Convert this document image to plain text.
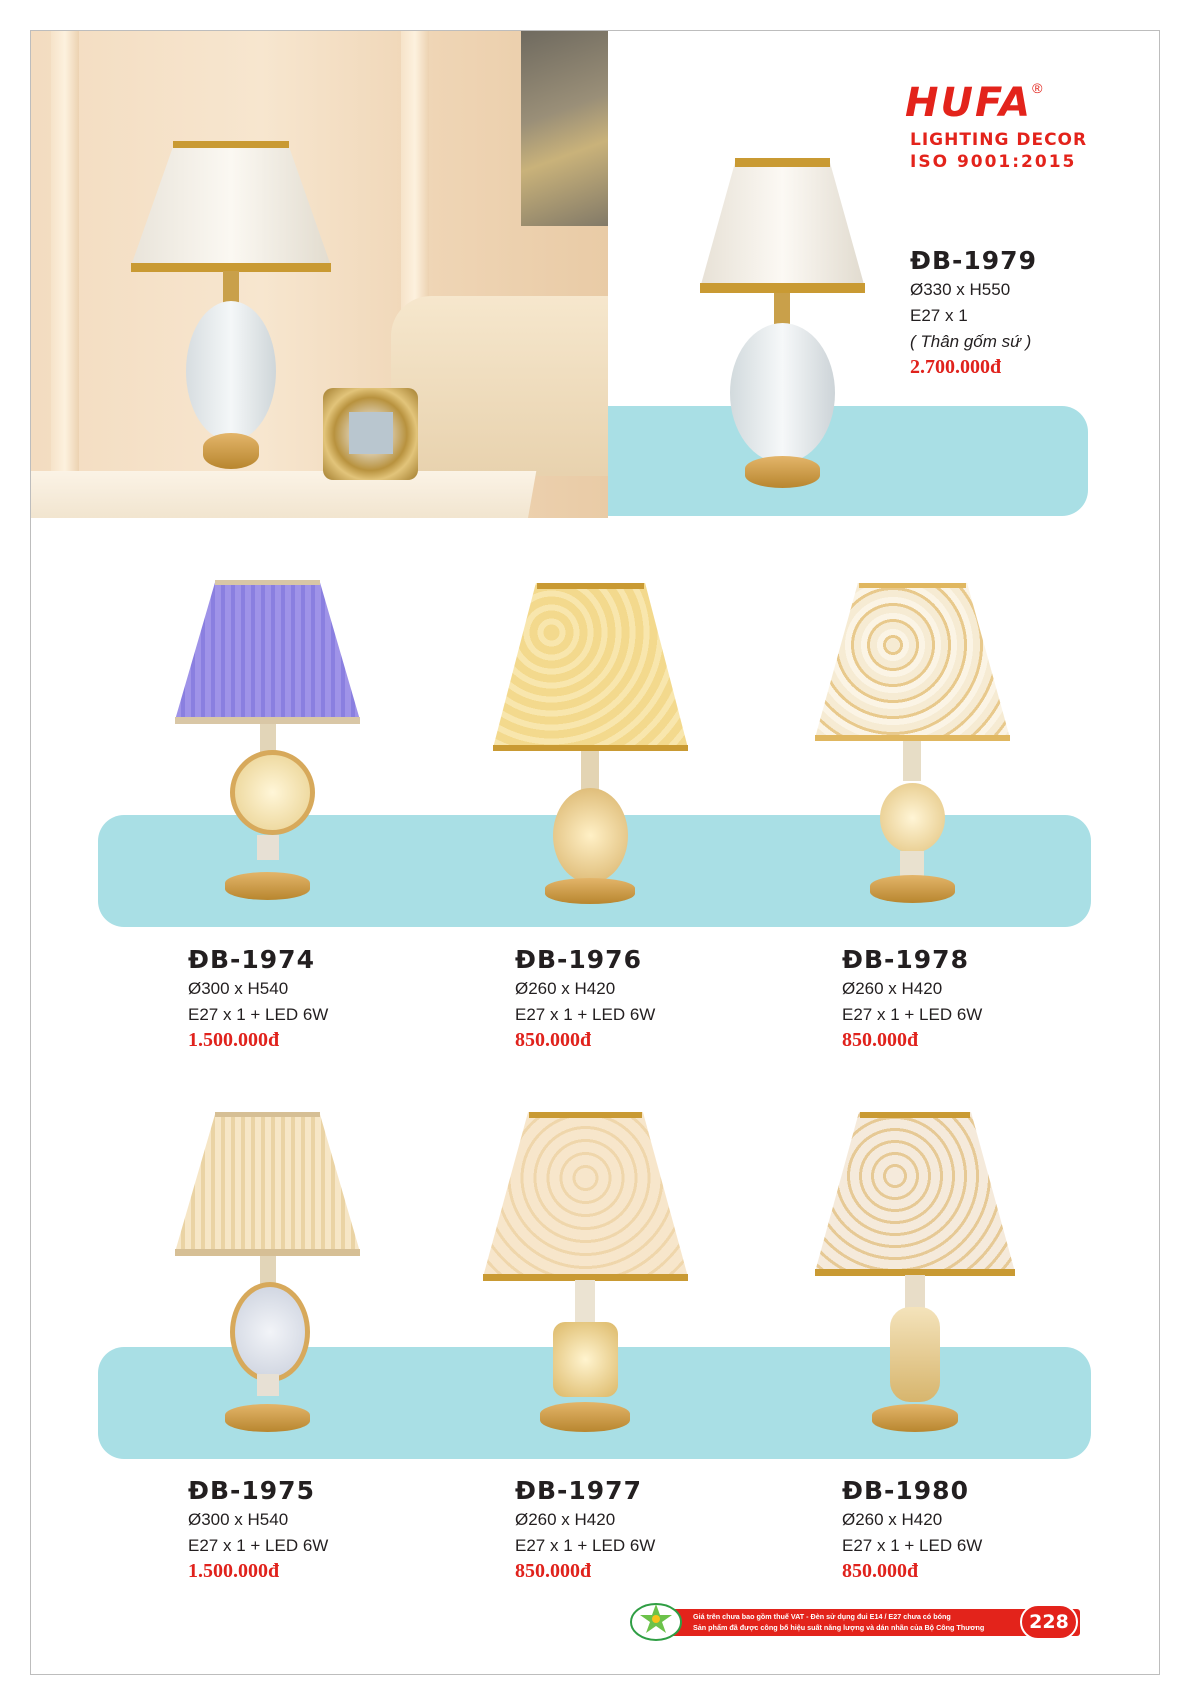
HUFA®
LIGHTING DECOR
ISO 9001:2015
ĐB-1979
Ø330 x H550
E27 x 1
( Thân gốm sứ )
2.700.000đ
ĐB-1974
Ø300 x H540
E27 x 1 + LED 6W
1.500.000đ
ĐB-1976
Ø260 x H420
E27 x 1 + LED 6W
850.000đ
ĐB-1978
Ø260 x H420
E27 x 1 + LED 6W
850.000đ
ĐB-1975
Ø300 x H540
E27 x 1 + LED 6W
1.500.000đ
ĐB-1977
Ø260 x H420
E27 x 1 + LED 6W
850.000đ
ĐB-1980
Ø260 x H420
E27 x 1 + LED 6W
850.000đ
Giá trên chưa bao gồm thuế VAT - Đèn sử dụng đui E14 / E27 chưa có bóng
Sản phẩm đã được công bố hiệu suất năng lượng và dán nhãn của Bộ Công Thương	228
